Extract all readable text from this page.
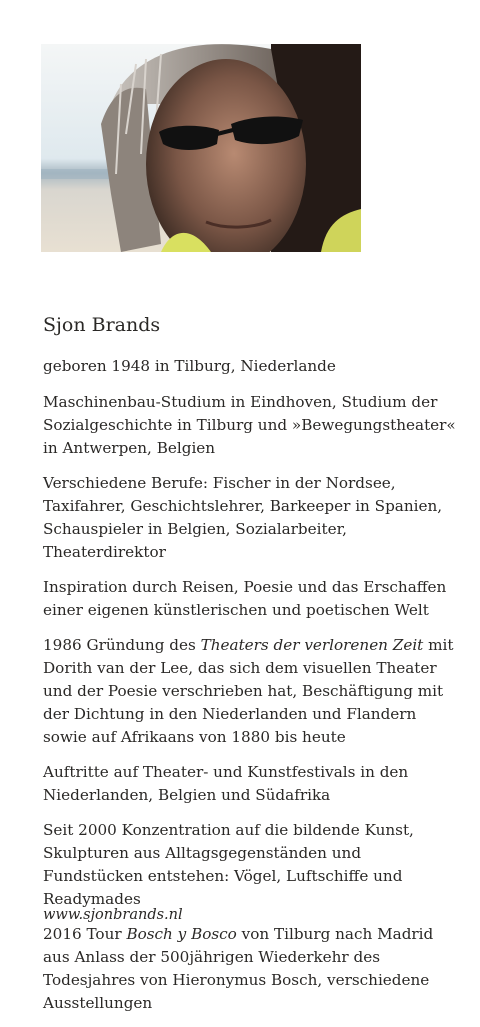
Sjon Brands

geboren 1948 in Tilburg, Niederlande

Maschinenbau-Studium in Eindhoven, Studium der Sozialgeschichte in Tilburg und »Bewegungstheater« in Antwerpen, Belgien

Verschiedene Berufe: Fischer in der Nordsee, Taxifahrer, Geschichtslehrer, Barkeeper in Spanien, Schauspieler in Belgien, Sozialarbeiter, Theaterdirektor

Inspiration durch Reisen, Poesie und das Erschaffen einer eigenen künstlerischen und poetischen Welt

1986 Gründung des Theaters der verlorenen Zeit mit Dorith van der Lee, das sich dem visuellen Theater und der Poesie verschrieben hat, Beschäftigung mit der Dichtung in den Niederlanden und Flandern sowie auf Afrikaans von 1880 bis heute

Auftritte auf Theater- und Kunstfestivals in den Niederlanden, Belgien und Südafrika

Seit 2000 Konzentration auf die bildende Kunst, Skulpturen aus Alltagsgegenständen und Fundstücken entstehen: Vögel, Luftschiffe und Readymades

2016 Tour Bosch y Bosco von Tilburg nach Madrid aus Anlass der 500jährigen Wiederkehr des Todesjahres von Hieronymus Bosch, verschiedene Ausstellungen

www.sjonbrands.nl
